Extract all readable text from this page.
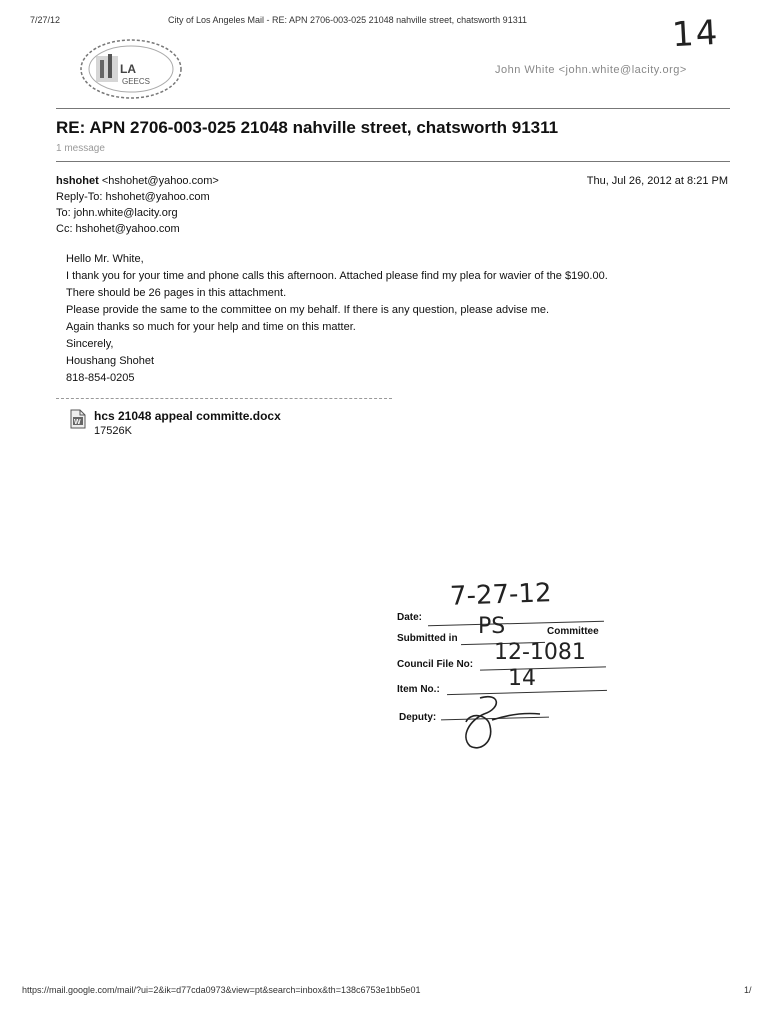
7/27/12	City of Los Angeles Mail - RE: APN 2706-003-025 21048 nahville street, chatsworth 91311	14
LA
GEECS
John White <john.white@lacity.org>
RE: APN 2706-003-025 21048 nahville street, chatsworth 91311
1 message
hshohet <hshohet@yahoo.com>	Thu, Jul 26, 2012 at 8:21 PM
Reply-To: hshohet@yahoo.com
To: john.white@lacity.org
Cc: hshohet@yahoo.com
Hello Mr. White,
I thank you for your time and phone calls this afternoon. Attached please find my plea for wavier of the $190.00.
There should be 26 pages in this attachment.
Please provide the same to the committee on my behalf. If there is any question, please advise me.
Again thanks so much for your help and time on this matter.
Sincerely,
Houshang Shohet
818-854-0205
W hcs 21048 appeal committe.docx
17526K
Date:
7-27-12
Submitted in PS	Committee
Council File No: 12-1081
Item No.:	14
Deputy:
https://mail.google.com/mail/?ui=2&ik=d77cda0973&view=pt&search=inbox&th=138c6753e1bb5e01	1/
